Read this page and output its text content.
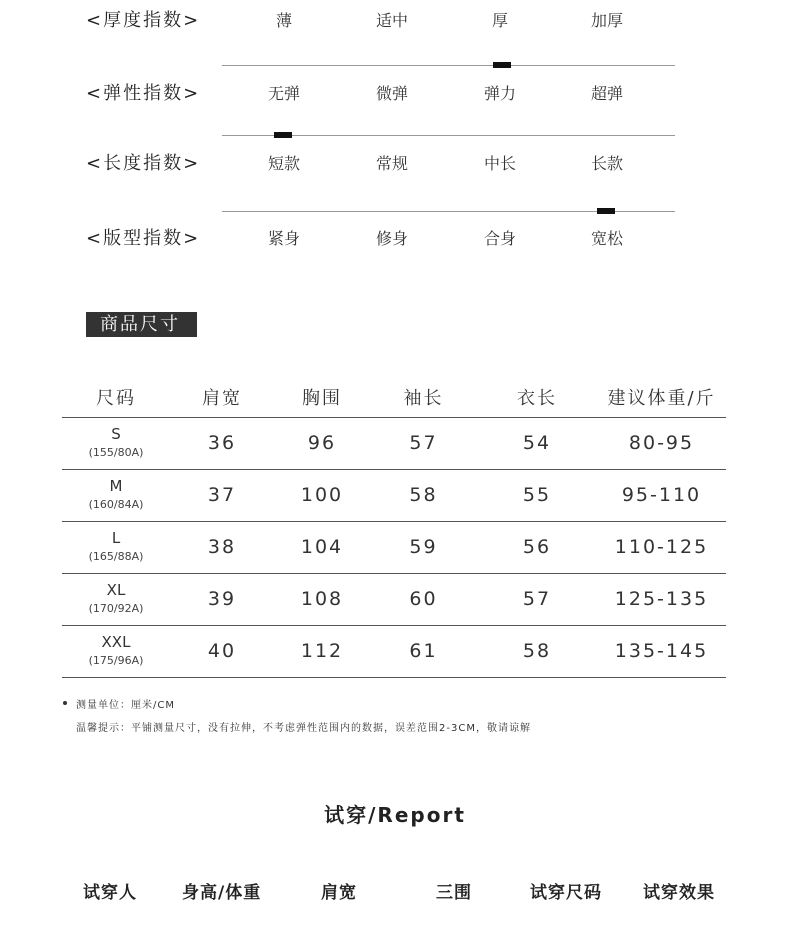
<厚度指数>	薄	适中	厚	加厚
<弹性指数>	无弹	微弹	弹力	超弹
<长度指数>	短款	常规	中长	长款
<版型指数>	紧身	修身	合身	宽松
商品尺寸
尺码	肩宽	胸围	袖长	衣长	建议体重/斤
S
(155/80A)	36	96	57	54	80-95
M
(160/84A)	37	100	58	55	95-110
L
(165/88A)	38	104	59	56	110-125
XL
(170/92A)	39	108	60	57	125-135
XXL
(175/96A)	40	112	61	58	135-145
测量单位：厘米/CM
温馨提示：平铺测量尺寸，没有拉伸，不考虑弹性范围内的数据，误差范围2-3CM，敬请谅解
试穿/Report
试穿人	身高/体重	肩宽	三围	试穿尺码 试穿效果
